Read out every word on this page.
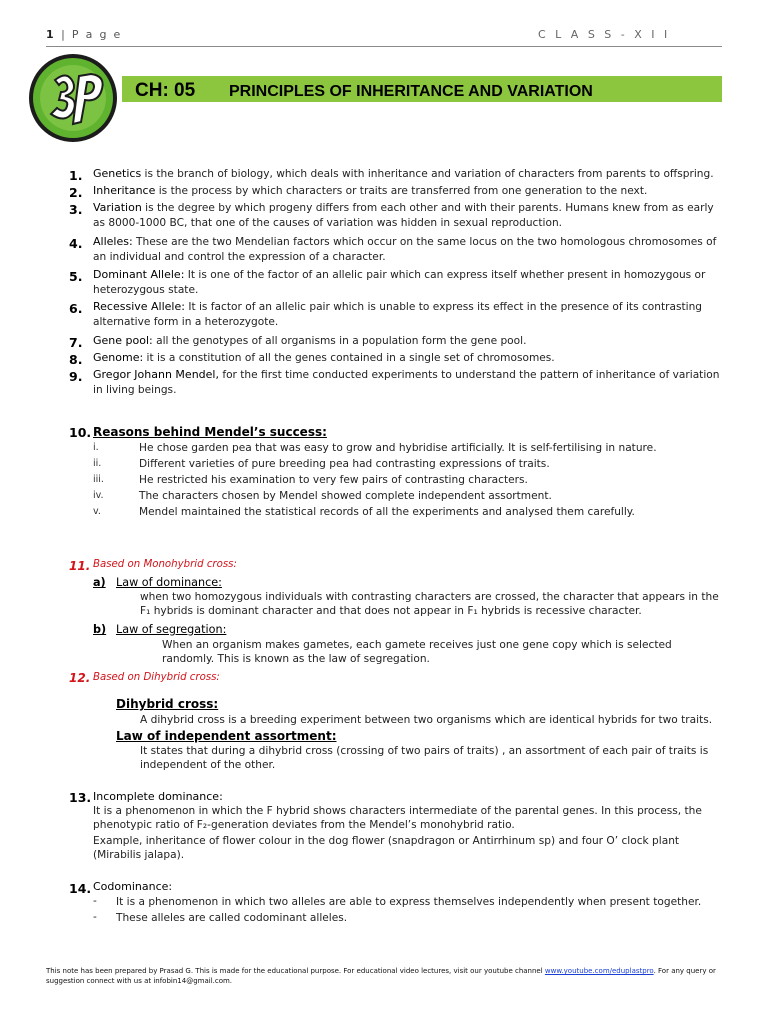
1 | P a g e	C L A S S - X I I
CH: 05 PRINCIPLES OF INHERITANCE AND VARIATION
1. Genetics is the branch of biology, which deals with inheritance and variation of characters from parents to offspring.
2. Inheritance is the process by which characters or traits are transferred from one generation to the next.
3. Variation is the degree by which progeny differs from each other and with their parents. Humans knew from as early as 8000-1000 BC, that one of the causes of variation was hidden in sexual reproduction.
4. Alleles: These are the two Mendelian factors which occur on the same locus on the two homologous chromosomes of an individual and control the expression of a character.
5. Dominant Allele: It is one of the factor of an allelic pair which can express itself whether present in homozygous or heterozygous state.
6. Recessive Allele: It is factor of an allelic pair which is unable to express its effect in the presence of its contrasting alternative form in a heterozygote.
7. Gene pool: all the genotypes of all organisms in a population form the gene pool.
8. Genome: it is a constitution of all the genes contained in a single set of chromosomes.
9. Gregor Johann Mendel, for the first time conducted experiments to understand the pattern of inheritance of variation in living beings.
10. Reasons behind Mendel’s success:
i.	He chose garden pea that was easy to grow and hybridise artificially. It is self-fertilising in nature.
ii.	Different varieties of pure breeding pea had contrasting expressions of traits.
iii.	He restricted his examination to very few pairs of contrasting characters.
iv.	The characters chosen by Mendel showed complete independent assortment.
v.	Mendel maintained the statistical records of all the experiments and analysed them carefully.
11. Based on Monohybrid cross:
a) Law of dominance:
when two homozygous individuals with contrasting characters are crossed, the character that appears in the F₁ hybrids is dominant character and that does not appear in F₁ hybrids is recessive character.
b) Law of segregation:
When an organism makes gametes, each gamete receives just one gene copy which is selected randomly. This is known as the law of segregation.
12. Based on Dihybrid cross:
Dihybrid cross:
A dihybrid cross is a breeding experiment between two organisms which are identical hybrids for two traits.
Law of independent assortment:
It states that during a dihybrid cross (crossing of two pairs of traits) , an assortment of each pair of traits is independent of the other.
13. Incomplete dominance:
It is a phenomenon in which the F hybrid shows characters intermediate of the parental genes. In this process, the phenotypic ratio of F₂-generation deviates from the Mendel’s monohybrid ratio.
Example, inheritance of flower colour in the dog flower (snapdragon or Antirrhinum sp) and four O’ clock plant (Mirabilis jalapa).
14. Codominance:
- It is a phenomenon in which two alleles are able to express themselves independently when present together.
- These alleles are called codominant alleles.
This note has been prepared by Prasad G. This is made for the educational purpose. For educational video lectures, visit our youtube channel www.youtube.com/eduplastpro. For any query or suggestion connect with us at infobin14@gmail.com.
